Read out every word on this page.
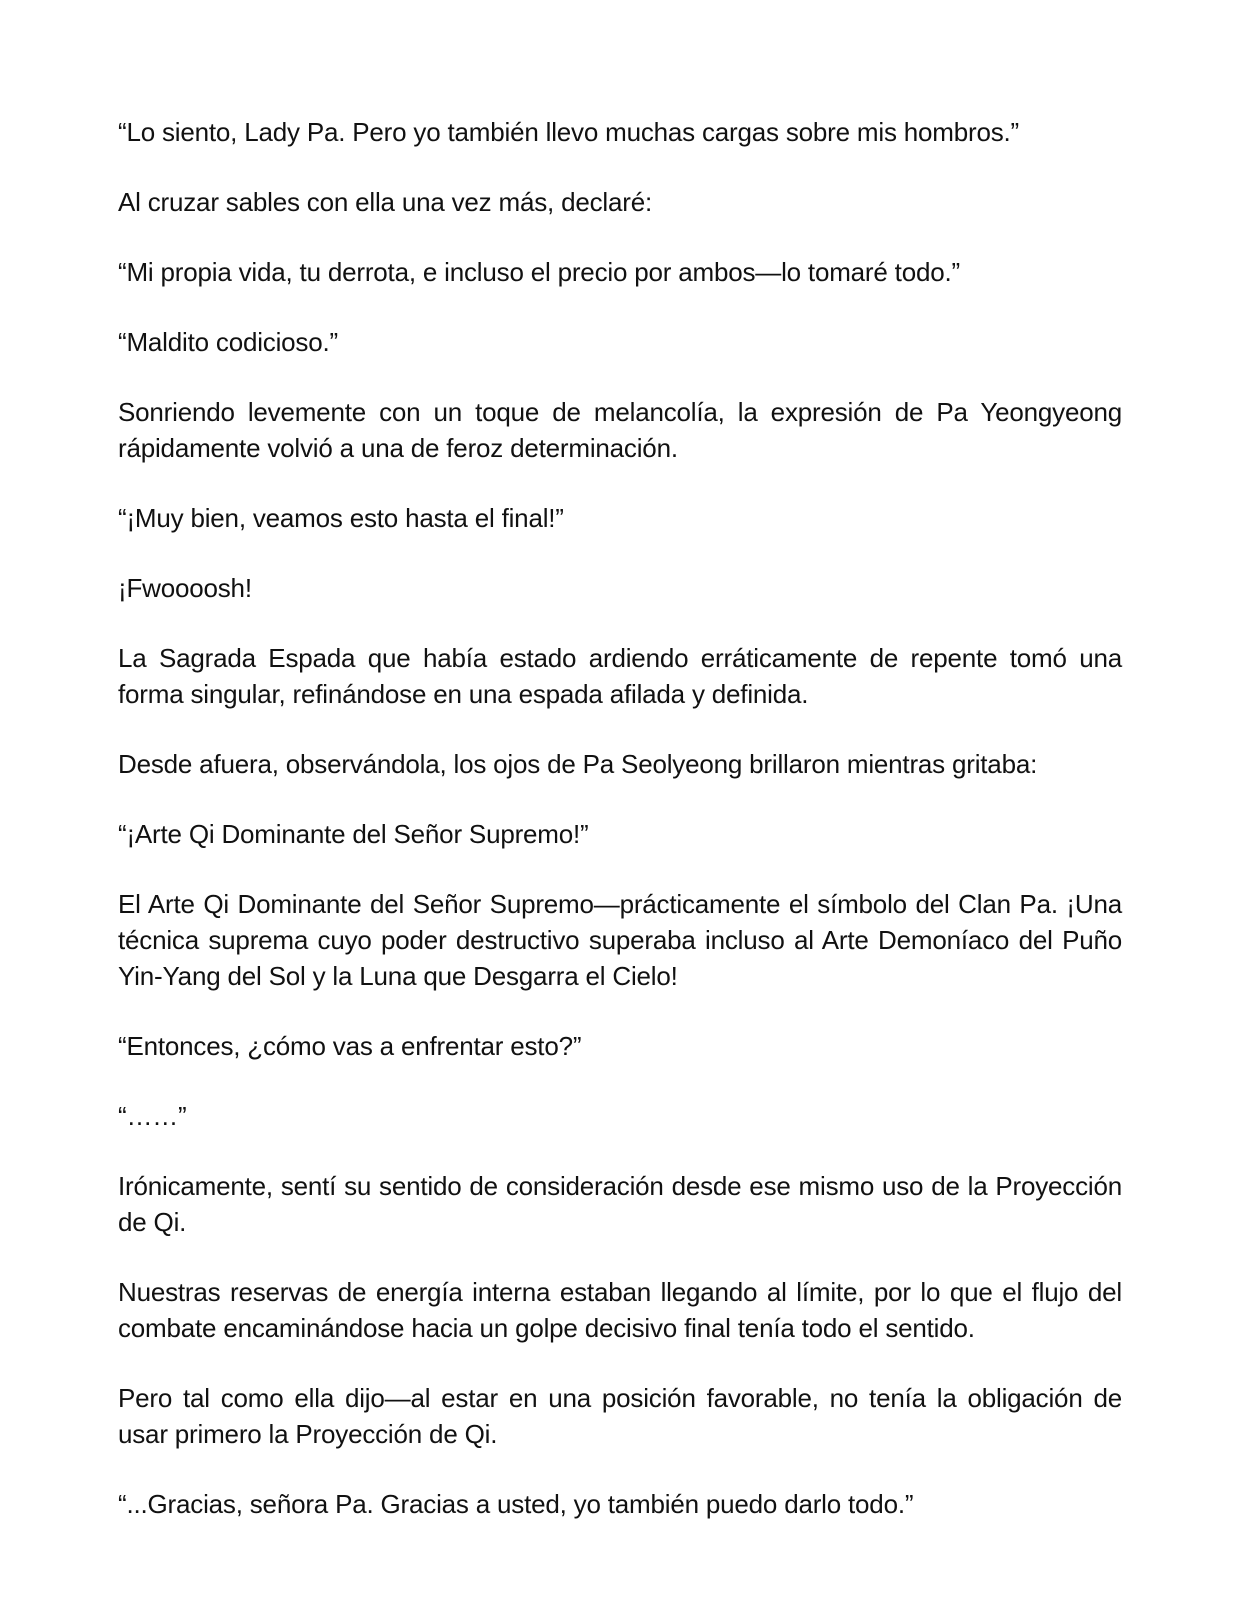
“Lo siento, Lady Pa. Pero yo también llevo muchas cargas sobre mis hombros.”

Al cruzar sables con ella una vez más, declaré:

“Mi propia vida, tu derrota, e incluso el precio por ambos—lo tomaré todo.”

“Maldito codicioso.”

Sonriendo levemente con un toque de melancolía, la expresión de Pa Yeongyeong rápidamente volvió a una de feroz determinación.

“¡Muy bien, veamos esto hasta el final!”

¡Fwoooosh!

La Sagrada Espada que había estado ardiendo erráticamente de repente tomó una forma singular, refinándose en una espada afilada y definida.

Desde afuera, observándola, los ojos de Pa Seolyeong brillaron mientras gritaba:

“¡Arte Qi Dominante del Señor Supremo!”

El Arte Qi Dominante del Señor Supremo—prácticamente el símbolo del Clan Pa. ¡Una técnica suprema cuyo poder destructivo superaba incluso al Arte Demoníaco del Puño Yin-Yang del Sol y la Luna que Desgarra el Cielo!

“Entonces, ¿cómo vas a enfrentar esto?”

“……”

Irónicamente, sentí su sentido de consideración desde ese mismo uso de la Proyección de Qi.

Nuestras reservas de energía interna estaban llegando al límite, por lo que el flujo del combate encaminándose hacia un golpe decisivo final tenía todo el sentido.

Pero tal como ella dijo—al estar en una posición favorable, no tenía la obligación de usar primero la Proyección de Qi.

“...Gracias, señora Pa. Gracias a usted, yo también puedo darlo todo.”
